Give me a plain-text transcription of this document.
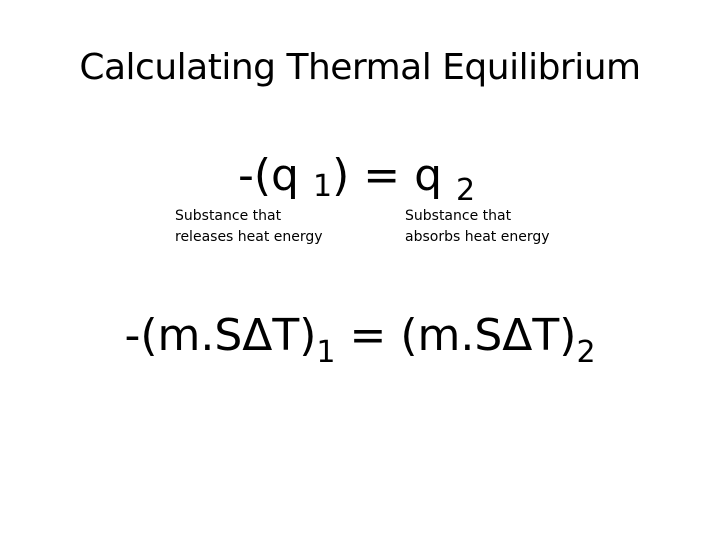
Calculating Thermal Equilibrium
-(q 1) = q $_2$
Substance that
releases heat energy
Substance that
absorbs heat energy
$-(m.S\Delta T)_1 = (m.S\Delta T)_2$
